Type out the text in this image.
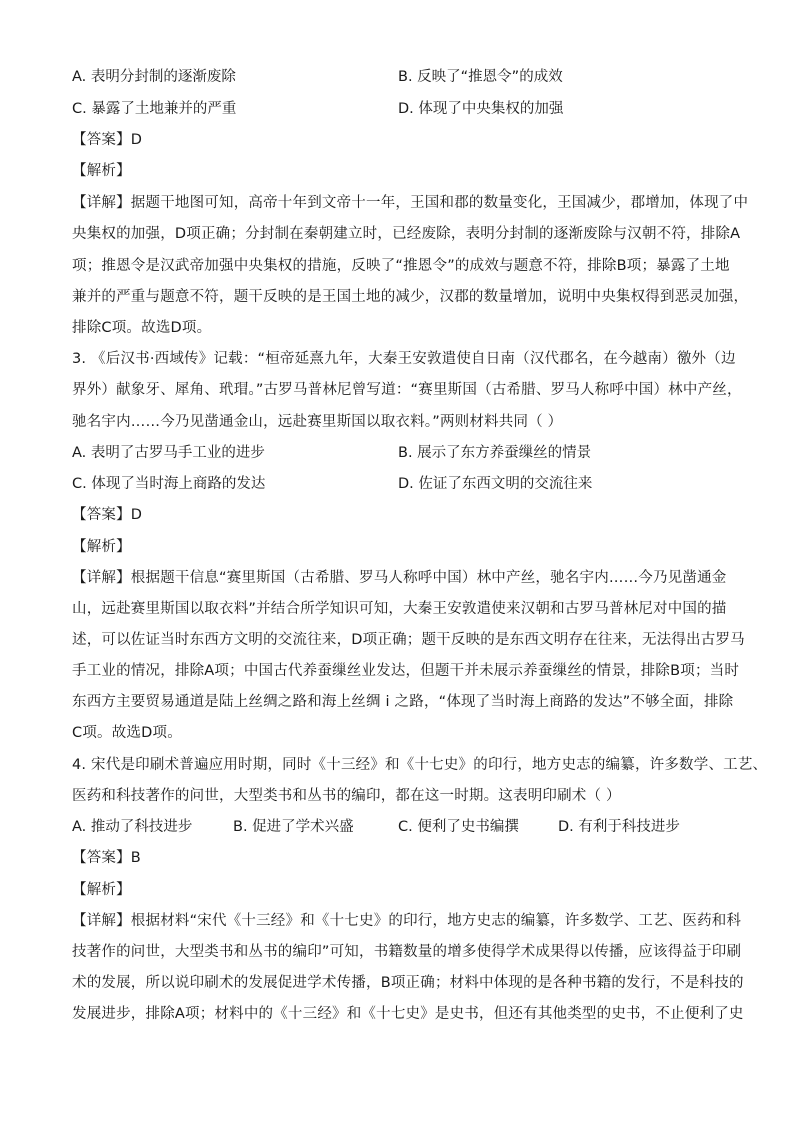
A. 表明分封制的逐渐废除	B. 反映了“推恩令”的成效
C. 暴露了土地兼并的严重	D. 体现了中央集权的加强
【答案】D
【解析】
【详解】据题干地图可知，高帝十年到文帝十一年，王国和郡的数量变化，王国减少，郡增加，体现了中
央集权的加强，D项正确；分封制在秦朝建立时，已经废除，表明分封制的逐渐废除与汉朝不符，排除A
项；推恩令是汉武帝加强中央集权的措施，反映了“推恩令”的成效与题意不符，排除B项；暴露了土地
兼并的严重与题意不符，题干反映的是王国土地的减少，汉郡的数量增加，说明中央集权得到恶灵加强，
排除C项。故选D项。
3. 《后汉书·西域传》记载：“桓帝延熹九年，大秦王安敦遣使自日南（汉代郡名，在今越南）徼外（边
界外）献象牙、犀角、玳瑁。”古罗马普林尼曾写道：“赛里斯国（古希腊、罗马人称呼中国）林中产丝，
驰名宇内……今乃见凿通金山，远赴赛里斯国以取衣料。”两则材料共同（ ）
A. 表明了古罗马手工业的进步	B. 展示了东方养蚕缫丝的情景
C. 体现了当时海上商路的发达	D. 佐证了东西文明的交流往来
【答案】D
【解析】
【详解】根据题干信息“赛里斯国（古希腊、罗马人称呼中国）林中产丝，驰名宇内……今乃见凿通金
山，远赴赛里斯国以取衣料”并结合所学知识可知，大秦王安敦遣使来汉朝和古罗马普林尼对中国的描
述，可以佐证当时东西方文明的交流往来，D项正确；题干反映的是东西文明存在往来，无法得出古罗马
手工业的情况，排除A项；中国古代养蚕缫丝业发达，但题干并未展示养蚕缫丝的情景，排除B项；当时
东西方主要贸易通道是陆上丝绸之路和海上丝绸 i 之路，“体现了当时海上商路的发达”不够全面，排除
C项。故选D项。
4. 宋代是印刷术普遍应用时期，同时《十三经》和《十七史》的印行，地方史志的编纂，许多数学、工艺、
医药和科技著作的问世，大型类书和丛书的编印，都在这一时期。这表明印刷术（ ）
A. 推动了科技进步	B. 促进了学术兴盛	C. 便利了史书编撰	D. 有利于科技进步
【答案】B
【解析】
【详解】根据材料“宋代《十三经》和《十七史》的印行，地方史志的编纂，许多数学、工艺、医药和科
技著作的问世，大型类书和丛书的编印”可知，书籍数量的增多使得学术成果得以传播，应该得益于印刷
术的发展，所以说印刷术的发展促进学术传播，B项正确；材料中体现的是各种书籍的发行，不是科技的
发展进步，排除A项；材料中的《十三经》和《十七史》是史书，但还有其他类型的史书，不止便利了史
